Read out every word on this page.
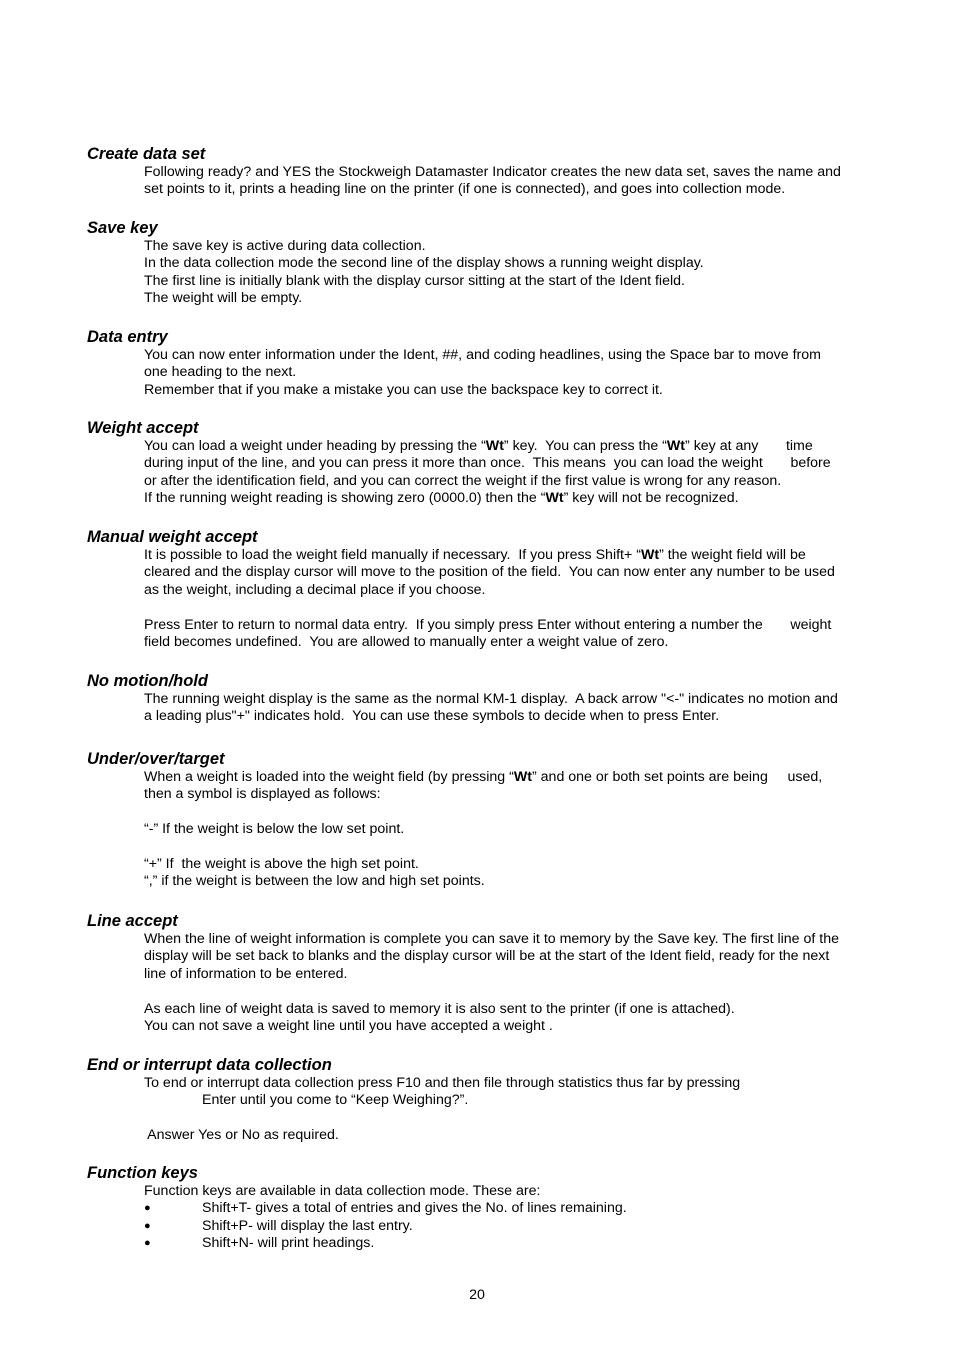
Create data set
Following ready? and YES the Stockweigh Datamaster Indicator creates the new data set, saves the name and
set points to it, prints a heading line on the printer (if one is connected), and goes into collection mode.
Save key
The save key is active during data collection.
In the data collection mode the second line of the display shows a running weight display.
The first line is initially blank with the display cursor sitting at the start of the Ident field.
The weight will be empty.
Data entry
You can now enter information under the Ident, ##, and coding headlines, using the Space bar to move from
one heading to the next.
Remember that if you make a mistake you can use the backspace key to correct it.
Weight accept
You can load a weight under heading by pressing the “Wt” key.  You can press the “Wt” key at any       time
during input of the line, and you can press it more than once.  This means  you can load the weight       before
or after the identification field, and you can correct the weight if the first value is wrong for any reason.
If the running weight reading is showing zero (0000.0) then the “Wt” key will not be recognized.
Manual weight accept
It is possible to load the weight field manually if necessary.  If you press Shift+ “Wt” the weight field will be
cleared and the display cursor will move to the position of the field.  You can now enter any number to be used
as the weight, including a decimal place if you choose.
Press Enter to return to normal data entry.  If you simply press Enter without entering a number the       weight
field becomes undefined.  You are allowed to manually enter a weight value of zero.
No motion/hold
The running weight display is the same as the normal KM-1 display.  A back arrow "<-" indicates no motion and
a leading plus"+" indicates hold.  You can use these symbols to decide when to press Enter.
Under/over/target
When a weight is loaded into the weight field (by pressing “Wt” and one or both set points are being     used,
then a symbol is displayed as follows:
“-” If the weight is below the low set point.
“+” If  the weight is above the high set point.
“,” if the weight is between the low and high set points.
Line accept
When the line of weight information is complete you can save it to memory by the Save key. The first line of the
display will be set back to blanks and the display cursor will be at the start of the Ident field, ready for the next
line of information to be entered.
As each line of weight data is saved to memory it is also sent to the printer (if one is attached).
You can not save a weight line until you have accepted a weight .
End or interrupt data collection
To end or interrupt data collection press F10 and then file through statistics thus far by pressing
Enter until you come to “Keep Weighing?”.
Answer Yes or No as required.
Function keys
Function keys are available in data collection mode. These are:
●	Shift+T- gives a total of entries and gives the No. of lines remaining.
●	Shift+P- will display the last entry.
●	Shift+N- will print headings.
20
